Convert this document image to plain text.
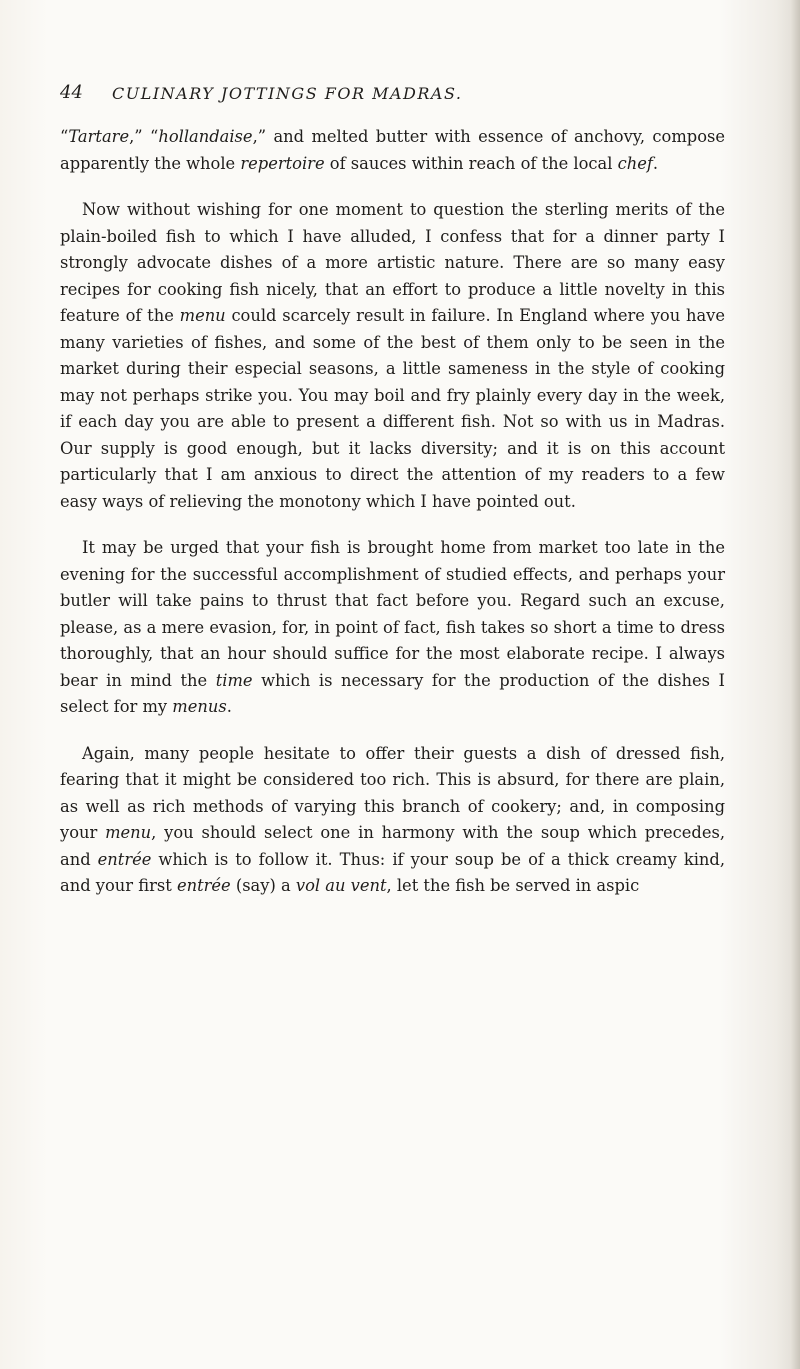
44 CULINARY JOTTINGS FOR MADRAS.

“Tartare,” “hollandaise,” and melted butter with essence of anchovy, compose apparently the whole repertoire of sauces within reach of the local chef.

Now without wishing for one moment to question the sterling merits of the plain-boiled fish to which I have alluded, I confess that for a dinner party I strongly advocate dishes of a more artistic nature. There are so many easy recipes for cooking fish nicely, that an effort to produce a little novelty in this feature of the menu could scarcely result in failure. In England where you have many varieties of fishes, and some of the best of them only to be seen in the market during their especial seasons, a little sameness in the style of cooking may not perhaps strike you. You may boil and fry plainly every day in the week, if each day you are able to present a different fish. Not so with us in Madras. Our supply is good enough, but it lacks diversity; and it is on this account particularly that I am anxious to direct the attention of my readers to a few easy ways of relieving the monotony which I have pointed out.

It may be urged that your fish is brought home from market too late in the evening for the successful accomplishment of studied effects, and perhaps your butler will take pains to thrust that fact before you. Regard such an excuse, please, as a mere evasion, for, in point of fact, fish takes so short a time to dress thoroughly, that an hour should suffice for the most elaborate recipe. I always bear in mind the time which is necessary for the production of the dishes I select for my menus.

Again, many people hesitate to offer their guests a dish of dressed fish, fearing that it might be considered too rich. This is absurd, for there are plain, as well as rich methods of varying this branch of cookery; and, in composing your menu, you should select one in harmony with the soup which precedes, and entrée which is to follow it. Thus: if your soup be of a thick creamy kind, and your first entrée (say) a vol au vent, let the fish be served in aspic
